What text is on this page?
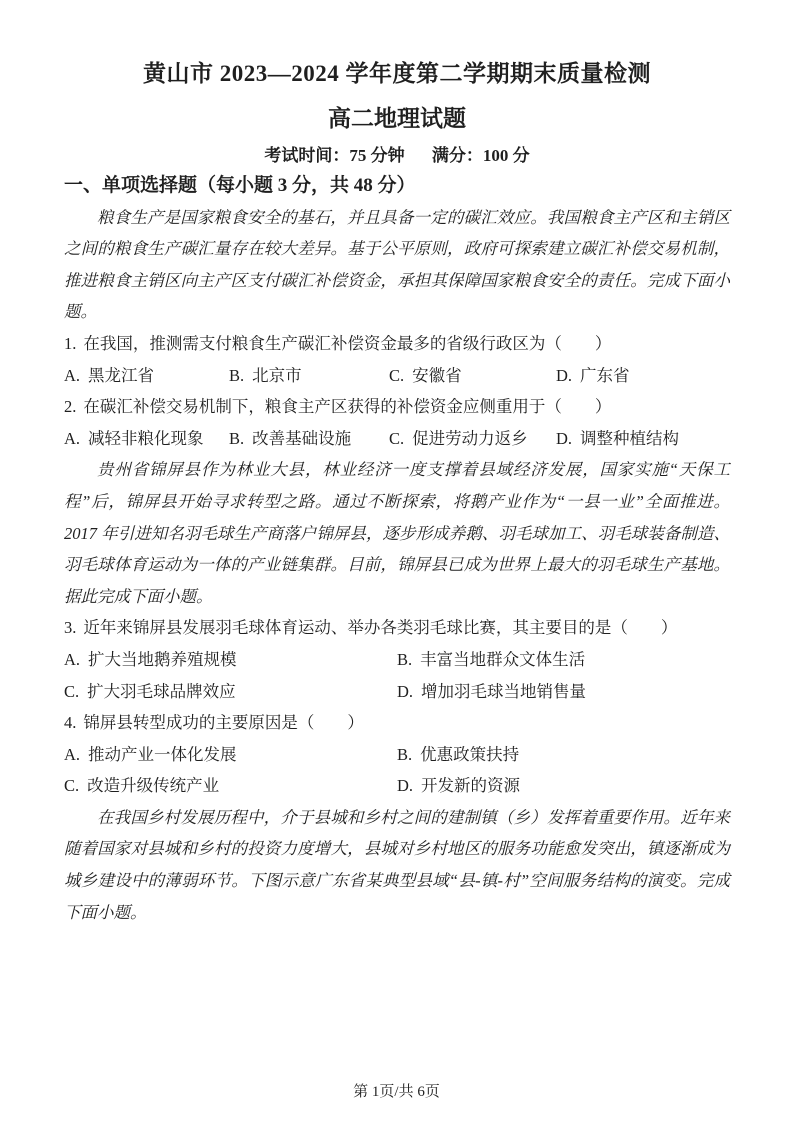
黄山市 2023—2024 学年度第二学期期末质量检测
高二地理试题
考试时间：75 分钟 满分：100 分
一、单项选择题（每小题 3 分，共 48 分）

粮食生产是国家粮食安全的基石，并且具备一定的碳汇效应。我国粮食主产区和主销区之间的粮食生产碳汇量存在较大差异。基于公平原则，政府可探索建立碳汇补偿交易机制，推进粮食主销区向主产区支付碳汇补偿资金，承担其保障国家粮食安全的责任。完成下面小题。

1. 在我国，推测需支付粮食生产碳汇补偿资金最多的省级行政区为（　　）
A. 黑龙江省	B. 北京市	C. 安徽省	D. 广东省
2. 在碳汇补偿交易机制下，粮食主产区获得的补偿资金应侧重用于（　　）
A. 减轻非粮化现象	B. 改善基础设施	C. 促进劳动力返乡	D. 调整种植结构

贵州省锦屏县作为林业大县，林业经济一度支撑着县域经济发展，国家实施“天保工程”后，锦屏县开始寻求转型之路。通过不断探索，将鹅产业作为“一县一业”全面推进。2017 年引进知名羽毛球生产商落户锦屏县，逐步形成养鹅、羽毛球加工、羽毛球装备制造、羽毛球体育运动为一体的产业链集群。目前，锦屏县已成为世界上最大的羽毛球生产基地。据此完成下面小题。

3. 近年来锦屏县发展羽毛球体育运动、举办各类羽毛球比赛，其主要目的是（　　）
A. 扩大当地鹅养殖规模	B. 丰富当地群众文体生活
C. 扩大羽毛球品牌效应	D. 增加羽毛球当地销售量
4. 锦屏县转型成功的主要原因是（　　）
A. 推动产业一体化发展	B. 优惠政策扶持
C. 改造升级传统产业	D. 开发新的资源

在我国乡村发展历程中，介于县城和乡村之间的建制镇（乡）发挥着重要作用。近年来随着国家对县城和乡村的投资力度增大，县城对乡村地区的服务功能愈发突出，镇逐渐成为城乡建设中的薄弱环节。下图示意广东省某典型县域“县-镇-村”空间服务结构的演变。完成下面小题。

第 1页/共 6页
